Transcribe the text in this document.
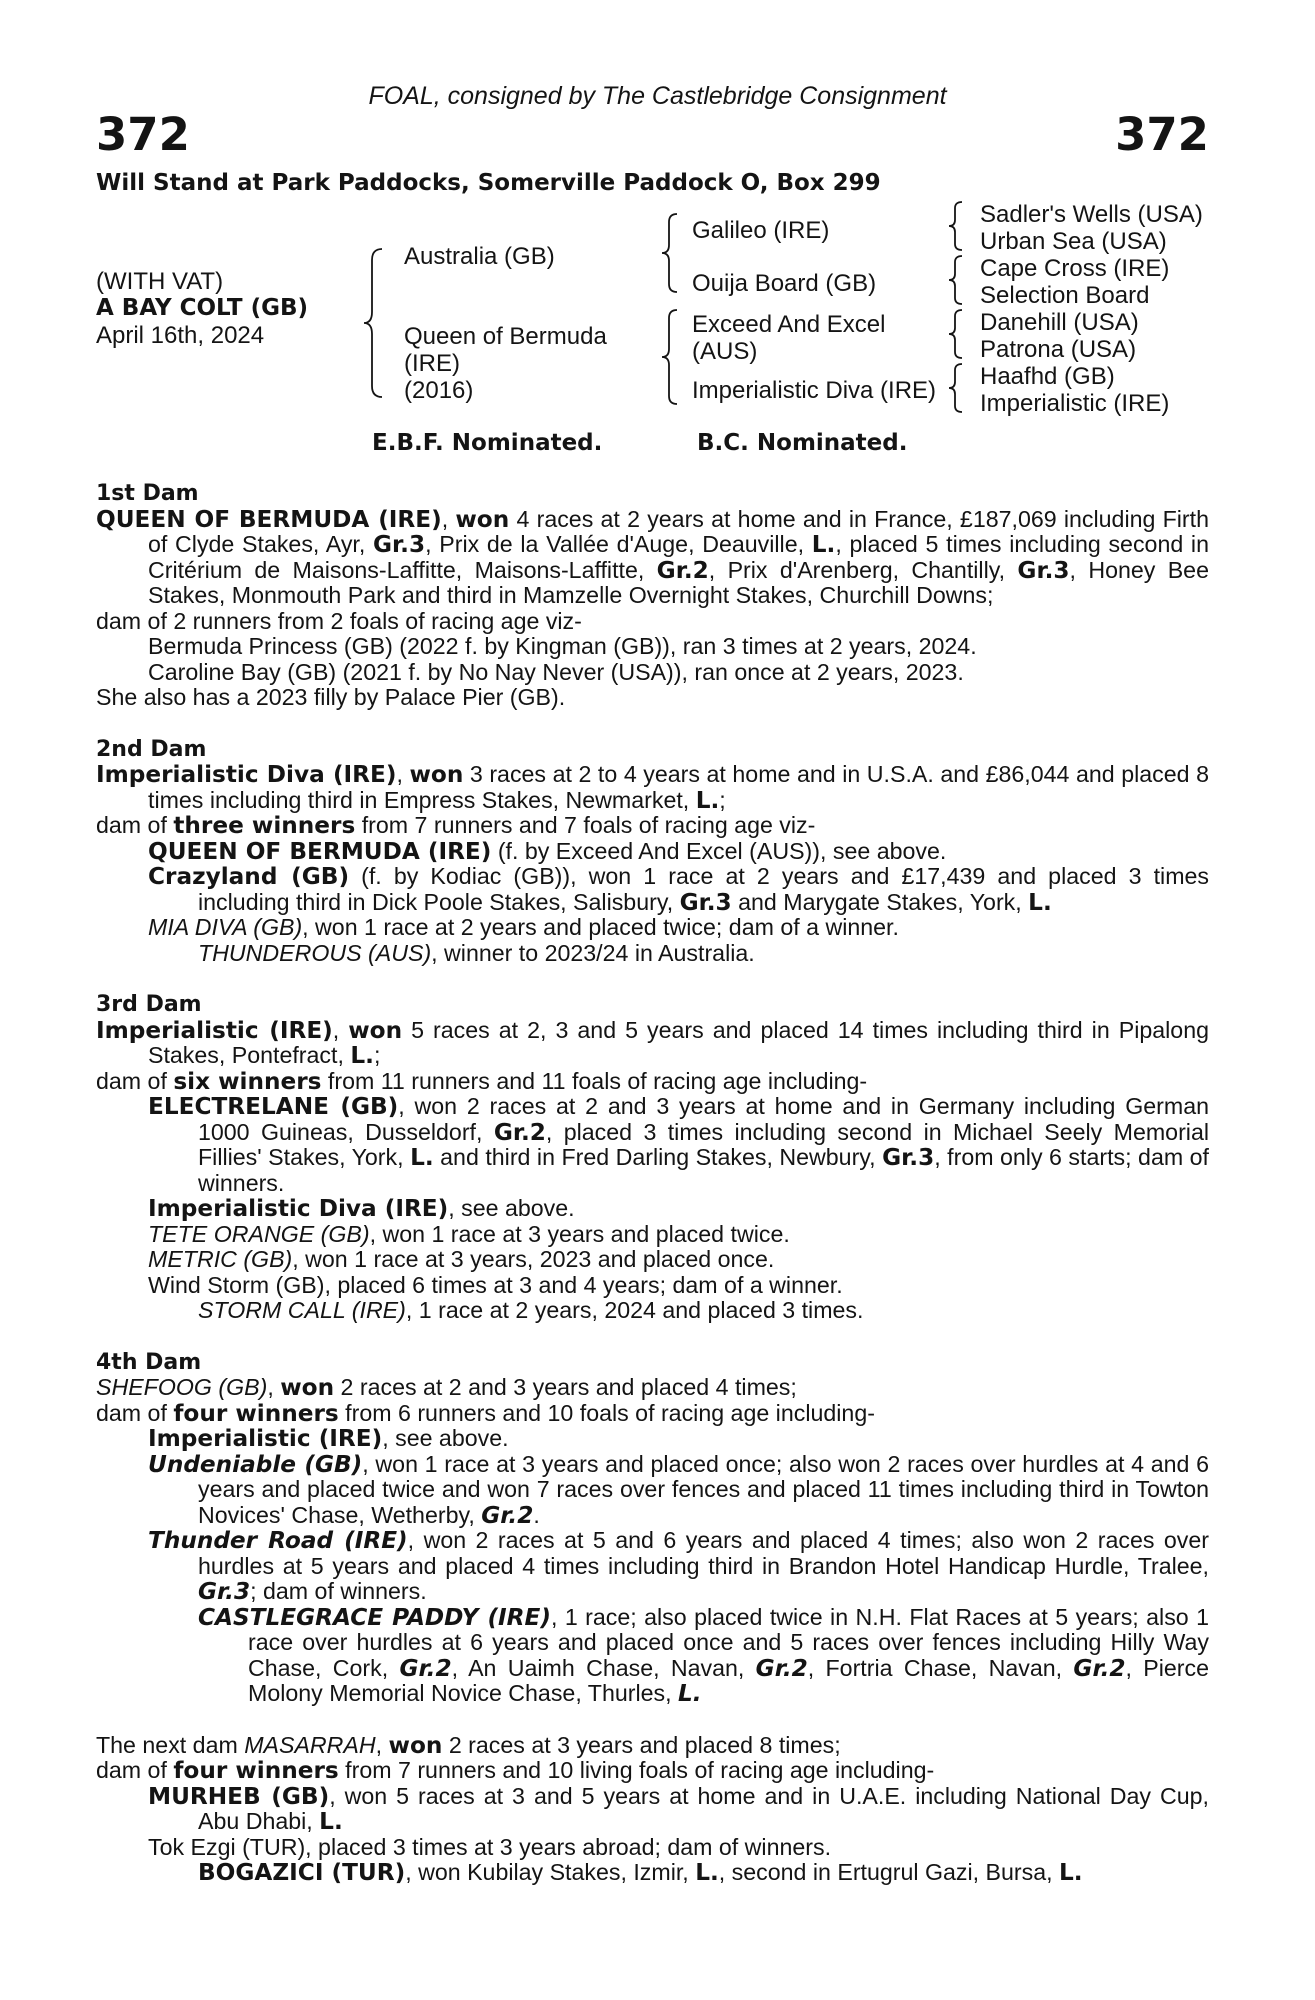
FOAL, consigned by The Castlebridge Consignment
372	372
Will Stand at Park Paddocks, Somerville Paddock O, Box 299
(WITH VAT)
A BAY COLT (GB)
April 16th, 2024
Australia (GB)
Queen of Bermuda
(IRE)
(2016)
Galileo (IRE)
Ouija Board (GB)
Exceed And Excel
(AUS)
Imperialistic Diva (IRE)
Sadler's Wells (USA)
Urban Sea (USA)
Cape Cross (IRE)
Selection Board
Danehill (USA)
Patrona (USA)
Haafhd (GB)
Imperialistic (IRE)
E.B.F. Nominated.	B.C. Nominated.
1st Dam

QUEEN OF BERMUDA (IRE), won 4 races at 2 years at home and in France, £187,069 including Firth of Clyde Stakes, Ayr, Gr.3, Prix de la Vallée d'Auge, Deauville, L., placed 5 times including second in Critérium de Maisons-Laffitte, Maisons-Laffitte, Gr.2, Prix d'Arenberg, Chantilly, Gr.3, Honey Bee Stakes, Monmouth Park and third in Mamzelle Overnight Stakes, Churchill Downs;

dam of 2 runners from 2 foals of racing age viz-
Bermuda Princess (GB) (2022 f. by Kingman (GB)), ran 3 times at 2 years, 2024.
Caroline Bay (GB) (2021 f. by No Nay Never (USA)), ran once at 2 years, 2023.
She also has a 2023 filly by Palace Pier (GB).
2nd Dam

Imperialistic Diva (IRE), won 3 races at 2 to 4 years at home and in U.S.A. and £86,044 and placed 8 times including third in Empress Stakes, Newmarket, L.;

dam of three winners from 7 runners and 7 foals of racing age viz-
QUEEN OF BERMUDA (IRE) (f. by Exceed And Excel (AUS)), see above.

Crazyland (GB) (f. by Kodiac (GB)), won 1 race at 2 years and £17,439 and placed 3 times including third in Dick Poole Stakes, Salisbury, Gr.3 and Marygate Stakes, York, L.

MIA DIVA (GB), won 1 race at 2 years and placed twice; dam of a winner.
THUNDEROUS (AUS), winner to 2023/24 in Australia.
3rd Dam

Imperialistic (IRE), won 5 races at 2, 3 and 5 years and placed 14 times including third in Pipalong Stakes, Pontefract, L.;

dam of six winners from 11 runners and 11 foals of racing age including-

ELECTRELANE (GB), won 2 races at 2 and 3 years at home and in Germany including German 1000 Guineas, Dusseldorf, Gr.2, placed 3 times including second in Michael Seely Memorial Fillies' Stakes, York, L. and third in Fred Darling Stakes, Newbury, Gr.3, from only 6 starts; dam of winners.

Imperialistic Diva (IRE), see above.
TETE ORANGE (GB), won 1 race at 3 years and placed twice.
METRIC (GB), won 1 race at 3 years, 2023 and placed once.
Wind Storm (GB), placed 6 times at 3 and 4 years; dam of a winner.
STORM CALL (IRE), 1 race at 2 years, 2024 and placed 3 times.
4th Dam
SHEFOOG (GB), won 2 races at 2 and 3 years and placed 4 times;
dam of four winners from 6 runners and 10 foals of racing age including-
Imperialistic (IRE), see above.

Undeniable (GB), won 1 race at 3 years and placed once; also won 2 races over hurdles at 4 and 6 years and placed twice and won 7 races over fences and placed 11 times including third in Towton Novices' Chase, Wetherby, Gr.2.

Thunder Road (IRE), won 2 races at 5 and 6 years and placed 4 times; also won 2 races over hurdles at 5 years and placed 4 times including third in Brandon Hotel Handicap Hurdle, Tralee, Gr.3; dam of winners.

CASTLEGRACE PADDY (IRE), 1 race; also placed twice in N.H. Flat Races at 5 years; also 1 race over hurdles at 6 years and placed once and 5 races over fences including Hilly Way Chase, Cork, Gr.2, An Uaimh Chase, Navan, Gr.2, Fortria Chase, Navan, Gr.2, Pierce Molony Memorial Novice Chase, Thurles, L.

The next dam MASARRAH, won 2 races at 3 years and placed 8 times;
dam of four winners from 7 runners and 10 living foals of racing age including-

MURHEB (GB), won 5 races at 3 and 5 years at home and in U.A.E. including National Day Cup, Abu Dhabi, L.

Tok Ezgi (TUR), placed 3 times at 3 years abroad; dam of winners.
BOGAZICI (TUR), won Kubilay Stakes, Izmir, L., second in Ertugrul Gazi, Bursa, L.
